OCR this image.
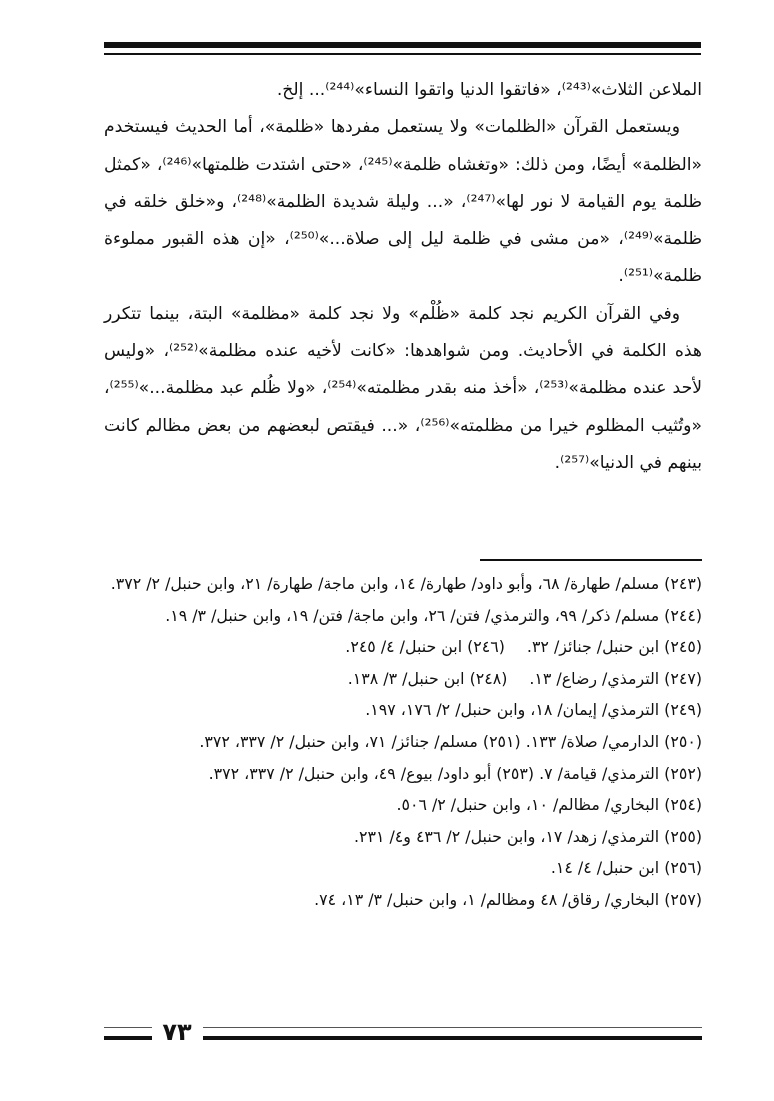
الملاعن الثلاث»⁽²⁴³⁾، «فاتقوا الدنيا واتقوا النساء»⁽²⁴⁴⁾... إلخ.

ويستعمل القرآن «الظلمات» ولا يستعمل مفردها «ظلمة»، أما الحديث فيستخدم «الظلمة» أيضًا، ومن ذلك: «وتغشاه ظلمة»⁽²⁴⁵⁾، «حتى اشتدت ظلمتها»⁽²⁴⁶⁾، «كمثل ظلمة يوم القيامة لا نور لها»⁽²⁴⁷⁾، «... وليلة شديدة الظلمة»⁽²⁴⁸⁾، و«خلق خلقه في ظلمة»⁽²⁴⁹⁾، «من مشى في ظلمة ليل إلى صلاة...»⁽²⁵⁰⁾، «إن هذه القبور مملوءة ظلمة»⁽²⁵¹⁾.

وفي القرآن الكريم نجد كلمة «ظُلْم» ولا نجد كلمة «مظلمة» البتة، بينما تتكرر هذه الكلمة في الأحاديث. ومن شواهدها: «كانت لأخيه عنده مظلمة»⁽²⁵²⁾، «وليس لأحد عنده مظلمة»⁽²⁵³⁾، «أخذ منه بقدر مظلمته»⁽²⁵⁴⁾، «ولا ظُلم عبد مظلمة...»⁽²⁵⁵⁾، «وتُثيب المظلوم خيرا من مظلمته»⁽²⁵⁶⁾، «... فيقتص لبعضهم من بعض مظالم كانت بينهم في الدنيا»⁽²⁵⁷⁾.

(٢٤٣) مسلم/ طهارة/ ٦٨، وأبو داود/ طهارة/ ١٤، وابن ماجة/ طهارة/ ٢١، وابن حنبل/ ٢/ ٣٧٢.

(٢٤٤) مسلم/ ذكر/ ٩٩، والترمذي/ فتن/ ٢٦، وابن ماجة/ فتن/ ١٩، وابن حنبل/ ٣/ ١٩.

(٢٤٥) ابن حنبل/ جنائز/ ٣٢.
(٢٤٦) ابن حنبل/ ٤/ ٢٤٥.
(٢٤٧) الترمذي/ رضاع/ ١٣.
(٢٤٨) ابن حنبل/ ٣/ ١٣٨.

(٢٤٩) الترمذي/ إيمان/ ١٨، وابن حنبل/ ٢/ ١٧٦، ١٩٧.

(٢٥٠) الدارمي/ صلاة/ ١٣٣. (٢٥١) مسلم/ جنائز/ ٧١، وابن حنبل/ ٢/ ٣٣٧، ٣٧٢.

(٢٥٢) الترمذي/ قيامة/ ٧. (٢٥٣) أبو داود/ بيوع/ ٤٩، وابن حنبل/ ٢/ ٣٣٧، ٣٧٢.

(٢٥٤) البخاري/ مظالم/ ١٠، وابن حنبل/ ٢/ ٥٠٦.

(٢٥٥) الترمذي/ زهد/ ١٧، وابن حنبل/ ٢/ ٤٣٦ و٤/ ٢٣١.

(٢٥٦) ابن حنبل/ ٤/ ١٤.

(٢٥٧) البخاري/ رقاق/ ٤٨ ومظالم/ ١، وابن حنبل/ ٣/ ١٣، ٧٤.

٧٣
